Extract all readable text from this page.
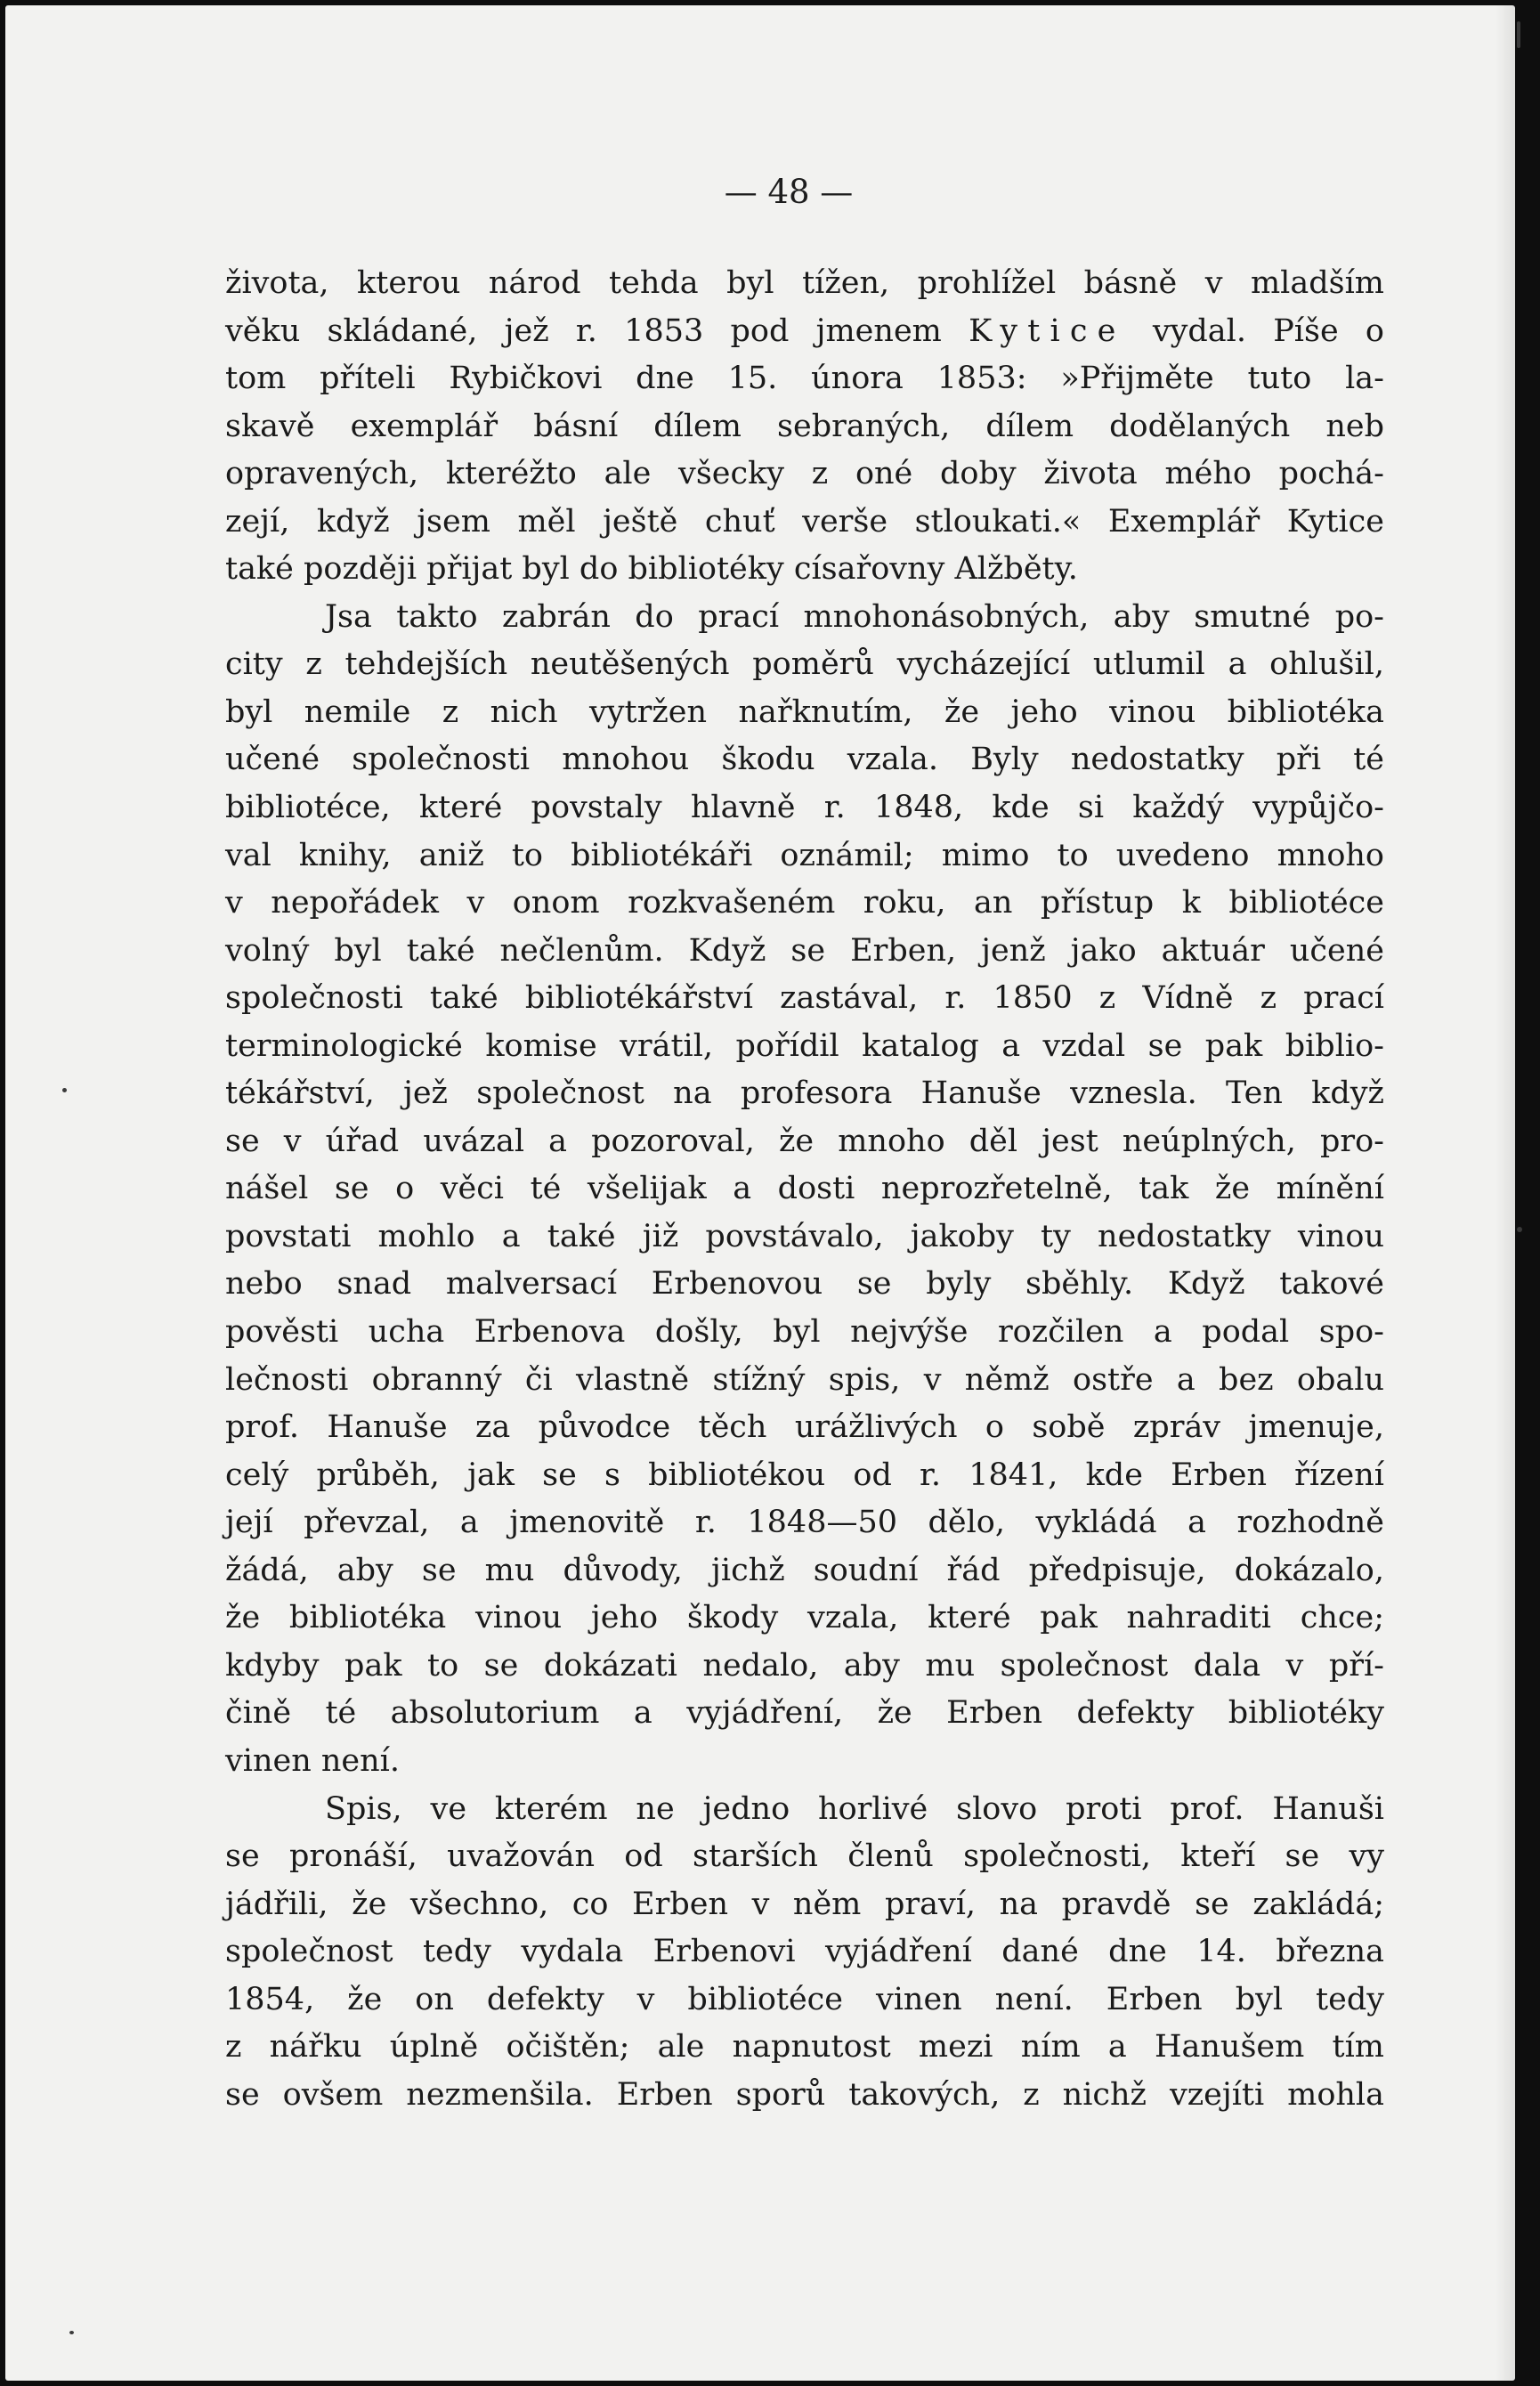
— 48 —
života, kterou národ tehda byl tížen, prohlížel básně v mladším
věku skládané, jež r. 1853 pod jmenem Kytice vydal. Píše o
tom příteli Rybičkovi dne 15. února 1853: »Přijměte tuto la-
skavě exemplář básní dílem sebraných, dílem dodělaných neb
opravených, kteréžto ale všecky z oné doby života mého pochá-
zejí, když jsem měl ještě chuť verše stloukati.« Exemplář Kytice
také později přijat byl do bibliotéky císařovny Alžběty.
Jsa takto zabrán do prací mnohonásobných, aby smutné po-
city z tehdejších neutěšených poměrů vycházející utlumil a ohlušil,
byl nemile z nich vytržen nařknutím, že jeho vinou bibliotéka
učené společnosti mnohou škodu vzala. Byly nedostatky při té
bibliotéce, které povstaly hlavně r. 1848, kde si každý vypůjčo-
val knihy, aniž to bibliotékáři oznámil; mimo to uvedeno mnoho
v nepořádek v onom rozkvašeném roku, an přístup k bibliotéce
volný byl také nečlenům. Když se Erben, jenž jako aktuár učené
společnosti také bibliotékářství zastával, r. 1850 z Vídně z prací
terminologické komise vrátil, pořídil katalog a vzdal se pak biblio-
tékářství, jež společnost na profesora Hanuše vznesla. Ten když
se v úřad uvázal a pozoroval, že mnoho děl jest neúplných, pro-
nášel se o věci té všelijak a dosti neprozřetelně, tak že mínění
povstati mohlo a také již povstávalo, jakoby ty nedostatky vinou
nebo snad malversací Erbenovou se byly sběhly. Když takové
pověsti ucha Erbenova došly, byl nejvýše rozčilen a podal spo-
lečnosti obranný či vlastně stížný spis, v němž ostře a bez obalu
prof. Hanuše za původce těch urážlivých o sobě zpráv jmenuje,
celý průběh, jak se s bibliotékou od r. 1841, kde Erben řízení
její převzal, a jmenovitě r. 1848—50 dělo, vykládá a rozhodně
žádá, aby se mu důvody, jichž soudní řád předpisuje, dokázalo,
že bibliotéka vinou jeho škody vzala, které pak nahraditi chce;
kdyby pak to se dokázati nedalo, aby mu společnost dala v pří-
čině té absolutorium a vyjádření, že Erben defekty bibliotéky
vinen není.
Spis, ve kterém ne jedno horlivé slovo proti prof. Hanuši
se pronáší, uvažován od starších členů společnosti, kteří se vy
jádřili, že všechno, co Erben v něm praví, na pravdě se zakládá;
společnost tedy vydala Erbenovi vyjádření dané dne 14. března
1854, že on defekty v bibliotéce vinen není. Erben byl tedy
z nářku úplně očištěn; ale napnutost mezi ním a Hanušem tím
se ovšem nezmenšila. Erben sporů takových, z nichž vzejíti mohla
